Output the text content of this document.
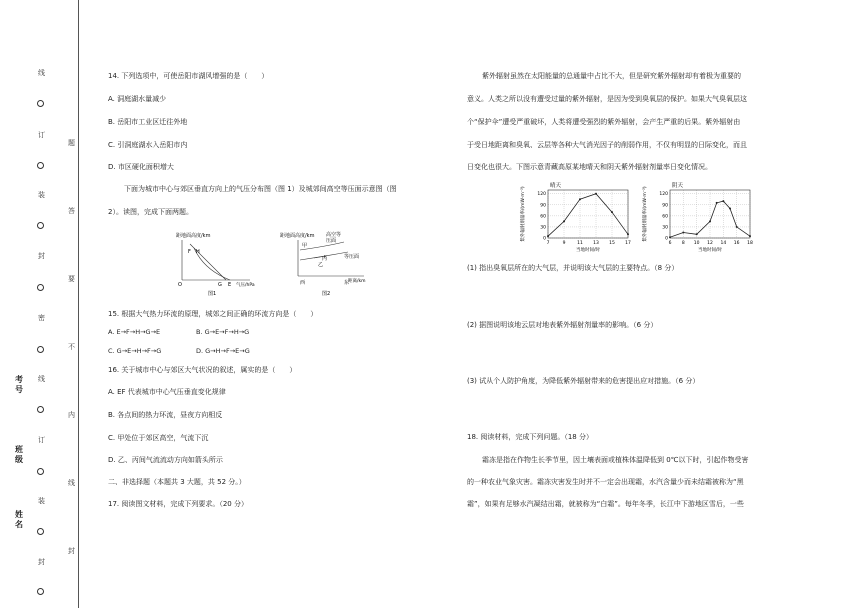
线
订
装
封
密
线
订
装
封
题
答
要
不
内
线
封
考号
班级
姓名
14. 下列选项中，可使岳阳市湖风增强的是（　　）
A. 洞庭湖水量减少
B. 岳阳市工业区迁往外地
C. 引洞庭湖水入岳阳市内
D. 市区硬化面积增大
下面为城市中心与郊区垂直方向上的气压分布图（图 1）及城郊间高空等压面示意图（图
2）。读图，完成下面两题。
距地面高度/km
F H
G E
O	气压/hPa
图1
距地面高度/km 高空等
压面
甲
乙
丙	等压面
距离/km
西	东
图2
15. 根据大气热力环流的原理，城郊之间正确的环流方向是（　　）
A. E→F→H→G→E	B. G→E→F→H→G
C. G→E→H→F→G	D. G→H→F→E→G
16. 关于城市中心与郊区大气状况的叙述，属实的是（　　）
A. EF 代表城市中心气压垂直变化规律
B. 各点间的热力环流，昼夜方向相反
C. 甲处位于郊区高空，气流下沉
D. 乙、丙间气流流动方向如箭头所示
二、非选择题（本题共 3 大题，共 52 分。）
17. 阅读图文材料，完成下列要求。（20 分）
紫外辐射虽然在太阳能量的总通量中占比不大，但是研究紫外辐射却有着极为重要的
意义。人类之所以没有遭受过量的紫外辐射，是因为受到臭氧层的保护。如果大气臭氧层这
个“保护伞”遭受严重破坏，人类将遭受强烈的紫外辐射，会产生严重的后果。紫外辐射由
于受日地距离和臭氧、云层等各种大气消光因子的削弱作用，不仅有明显的日际变化，而且
日变化也很大。下图示意青藏高原某地晴天和阴天紫外辐射剂量率日变化情况。
晴天
紫外辐射剂量率/(mW·m⁻²)	0
30
60
90
120
7	9	11 13 15 17
当地时间/时
阴天
紫外辐射剂量率/(mW·m⁻²)	0
30
60
90
120
6 8 10 12 14 16 18
当地时间/时
(1) 指出臭氧层所在的大气层，并说明该大气层的主要特点。（8 分）
(2) 据图说明该地云层对地表紫外辐射剂量率的影响。（6 分）
(3) 试从个人防护角度，为降低紫外辐射带来的危害提出应对措施。（6 分）
18. 阅读材料，完成下列问题。（18 分）
霜冻是指在作物生长季节里，因土壤表面或植株体温降低到 0℃以下时，引起作物受害
的一种农业气象灾害。霜冻灾害发生时并不一定会出现霜，水汽含量少而未结霜被称为“黑
霜”，如果有足够水汽凝结出霜，就被称为“白霜”。每年冬季，长江中下游地区雪后，一些
